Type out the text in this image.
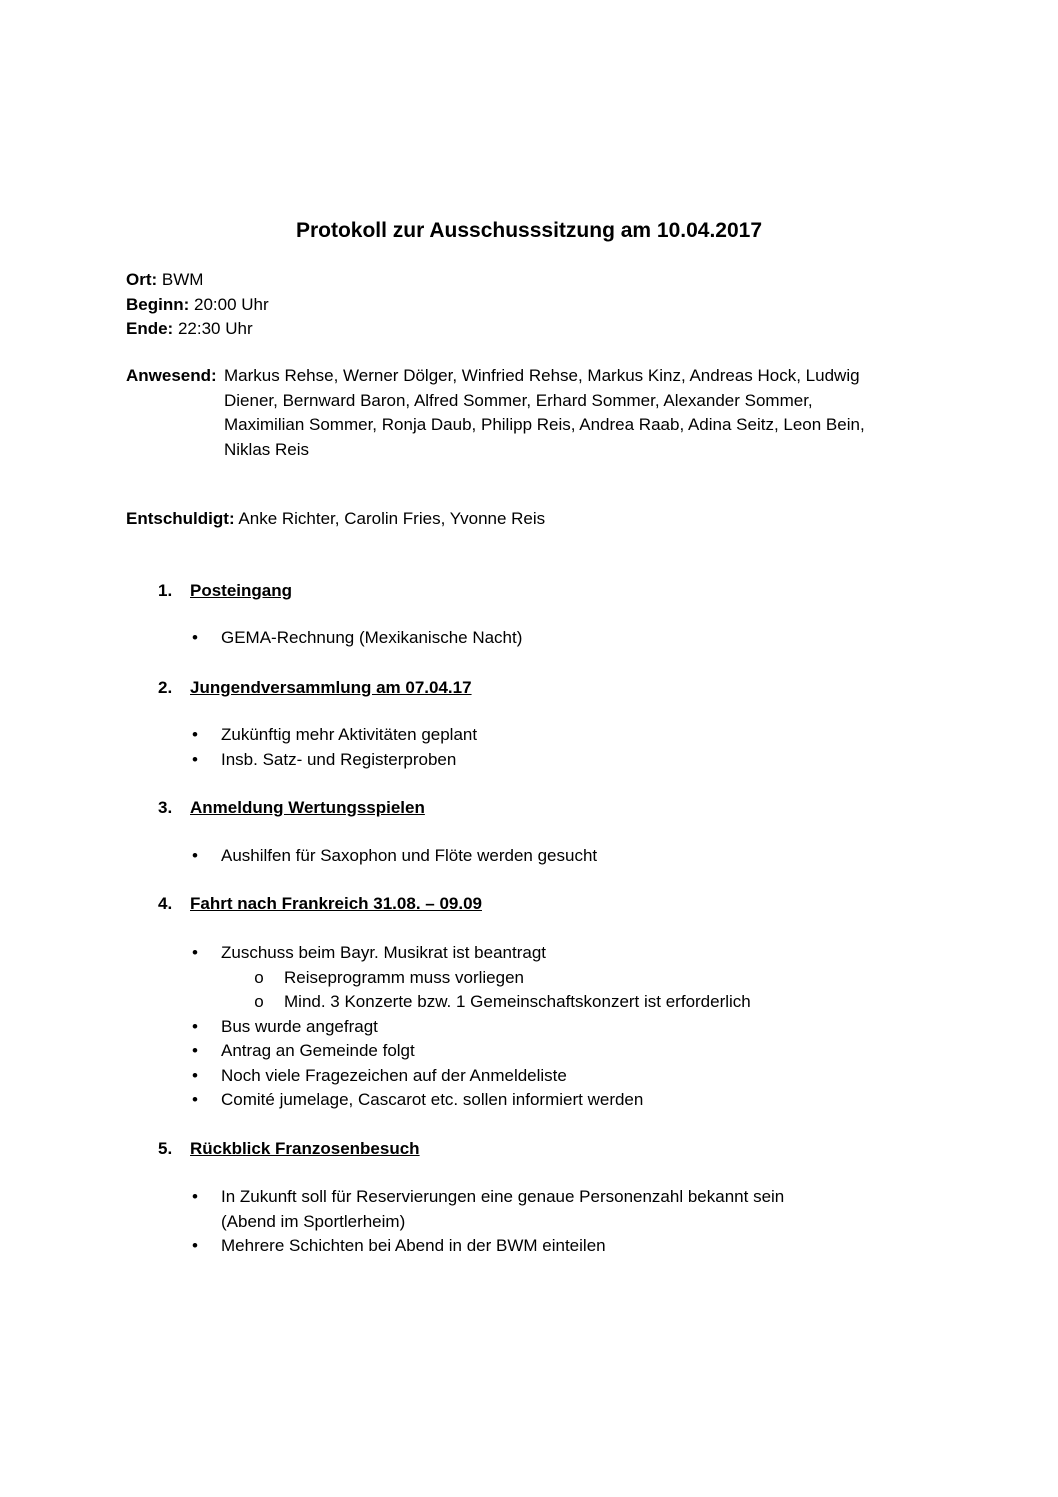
Protokoll zur Ausschusssitzung am 10.04.2017
Ort: BWM
Beginn: 20:00 Uhr
Ende: 22:30 Uhr
Anwesend: Markus Rehse, Werner Dölger, Winfried Rehse, Markus Kinz, Andreas Hock, Ludwig
Diener, Bernward Baron, Alfred Sommer, Erhard Sommer, Alexander Sommer,
Maximilian Sommer, Ronja Daub, Philipp Reis, Andrea Raab, Adina Seitz, Leon Bein,
Niklas Reis
Entschuldigt: Anke Richter, Carolin Fries, Yvonne Reis
1. Posteingang
• GEMA-Rechnung (Mexikanische Nacht)
2. Jungendversammlung am 07.04.17
• Zukünftig mehr Aktivitäten geplant
• Insb. Satz- und Registerproben
3. Anmeldung Wertungsspielen
• Aushilfen für Saxophon und Flöte werden gesucht
4. Fahrt nach Frankreich 31.08. – 09.09
• Zuschuss beim Bayr. Musikrat ist beantragt
o Reiseprogramm muss vorliegen
o Mind. 3 Konzerte bzw. 1 Gemeinschaftskonzert ist erforderlich
• Bus wurde angefragt
• Antrag an Gemeinde folgt
• Noch viele Fragezeichen auf der Anmeldeliste
• Comité jumelage, Cascarot etc. sollen informiert werden
5. Rückblick Franzosenbesuch
• In Zukunft soll für Reservierungen eine genaue Personenzahl bekannt sein
(Abend im Sportlerheim)
• Mehrere Schichten bei Abend in der BWM einteilen
